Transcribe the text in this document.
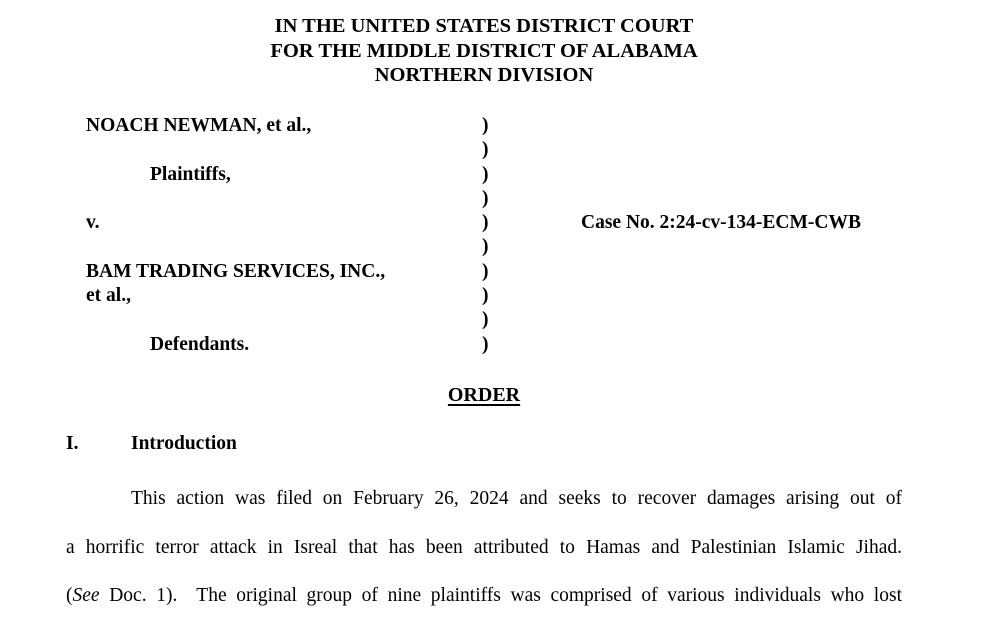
IN THE UNITED STATES DISTRICT COURT
FOR THE MIDDLE DISTRICT OF ALABAMA
NORTHERN DIVISION
NOACH NEWMAN, et al.,
Plaintiffs,
v.
BAM TRADING SERVICES, INC.,
et al.,
Defendants.
)
)
)
)
)
)
)
)
)
)
Case No. 2:24-cv-134-ECM-CWB
ORDER
I.	Introduction
This action was filed on February 26, 2024 and seeks to recover damages arising out of
a horrific terror attack in Isreal that has been attributed to Hamas and Palestinian Islamic Jihad.
(See Doc. 1).  The original group of nine plaintiffs was comprised of various individuals who lost
